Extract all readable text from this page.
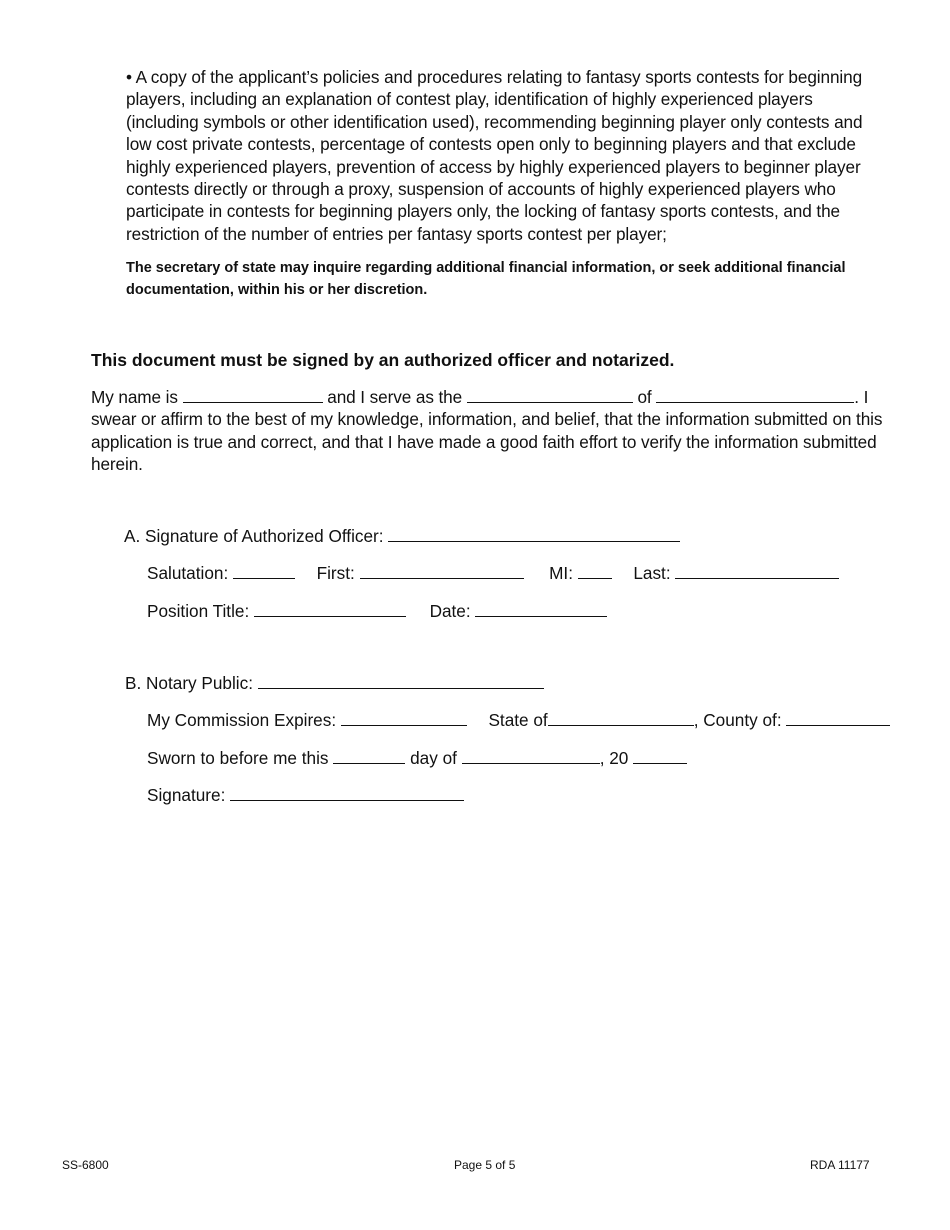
• A copy of the applicant’s policies and procedures relating to fantasy sports contests for beginning players, including an explanation of contest play, identification of highly experienced players (including symbols or other identification used), recommending beginning player only contests and low cost private contests, percentage of contests open only to beginning players and that exclude highly experienced players, prevention of access by highly experienced players to beginner player contests directly or through a proxy, suspension of accounts of highly experienced players who participate in contests for beginning players only, the locking of fantasy sports contests, and the restriction of the number of entries per fantasy sports contest per player;
The secretary of state may inquire regarding additional financial information, or seek additional financial documentation, within his or her discretion.
This document must be signed by an authorized officer and notarized.
My name is	and I serve as the	of	. I swear or affirm to the best of my knowledge, information, and belief, that the information submitted on this application is true and correct, and that I have made a good faith effort to verify the information submitted herein.
A. Signature of Authorized Officer:
Salutation:	First:	MI:	Last:
Position Title:	Date:
B. Notary Public:
My Commission Expires:	State of	, County of:
Sworn to before me this	day of	, 20
Signature:
SS-6800	Page 5 of 5	RDA 11177
